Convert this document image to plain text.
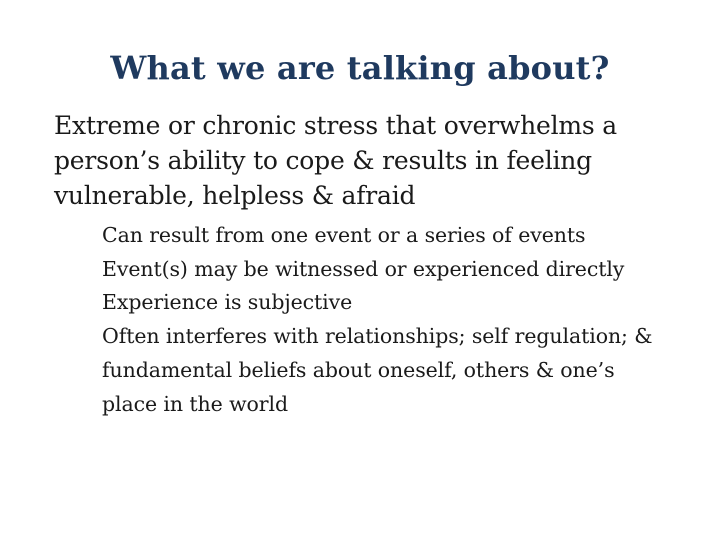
What we are talking about?

Extreme or chronic stress that overwhelms a person’s ability to cope & results in feeling vulnerable, helpless & afraid

Can result from one event or a series of events
Event(s) may be witnessed or experienced directly
Experience is subjective
Often interferes with relationships; self regulation; & fundamental beliefs about oneself, others & one’s place in the world
